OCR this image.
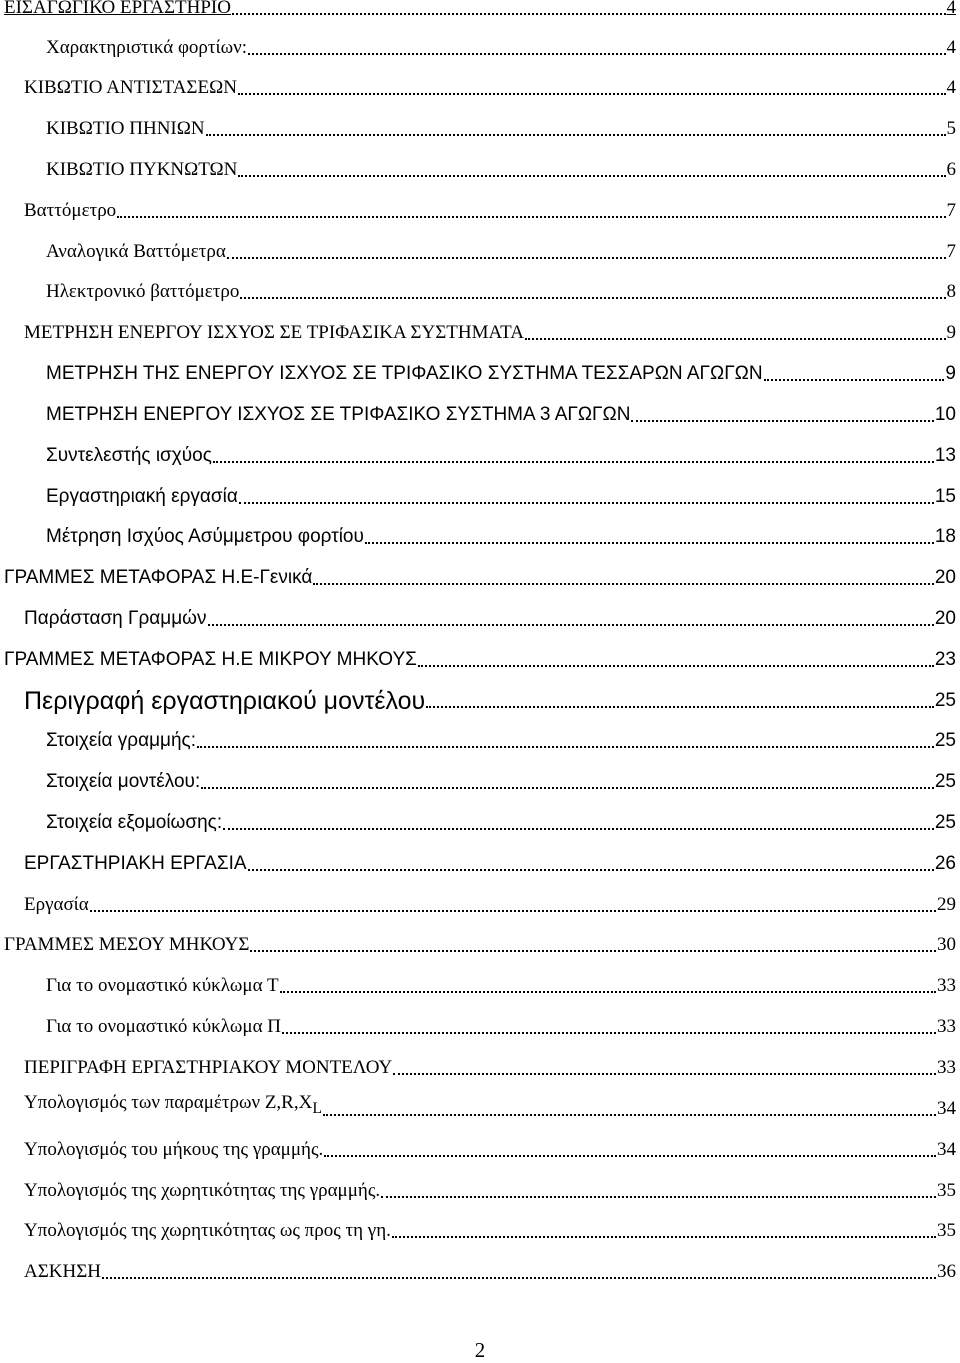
ΕΙΣΑΓΩΓΙΚΟ ΕΡΓΑΣΤΗΡΙΟ	4
Χαρακτηριστικά φορτίων:	4
ΚΙΒΩΤΙΟ ΑΝΤΙΣΤΑΣΕΩΝ	4
ΚΙΒΩΤΙΟ ΠΗΝΙΩΝ	5
ΚΙΒΩΤΙΟ ΠΥΚΝΩΤΩΝ	6
Βαττόμετρο	7
Αναλογικά Βαττόμετρα	7
Ηλεκτρονικό βαττόμετρο	8
ΜΕΤΡΗΣΗ ΕΝΕΡΓΟΥ ΙΣΧΥΟΣ ΣΕ ΤΡΙΦΑΣΙΚΑ ΣΥΣΤΗΜΑΤΑ	9
ΜΕΤΡΗΣΗ ΤΗΣ ΕΝΕΡΓΟΥ ΙΣΧΥΟΣ ΣΕ ΤΡΙΦΑΣΙΚΟ ΣΥΣΤΗΜΑ ΤΕΣΣΑΡΩΝ ΑΓΩΓΩΝ	9
ΜΕΤΡΗΣΗ ΕΝΕΡΓΟΥ ΙΣΧΥΟΣ ΣΕ ΤΡΙΦΑΣΙΚΟ ΣΥΣΤΗΜΑ 3 ΑΓΩΓΩΝ	10
Συντελεστής ισχύος	13
Εργαστηριακή εργασία	15
Μέτρηση Ισχύος Ασύμμετρου φορτίου	18
ΓΡΑΜΜΕΣ ΜΕΤΑΦΟΡΑΣ Η.Ε-Γενικά	20
Παράσταση Γραμμών	20
ΓΡΑΜΜΕΣ ΜΕΤΑΦΟΡΑΣ Η.Ε ΜΙΚΡΟΥ ΜΗΚΟΥΣ	23
Περιγραφή εργαστηριακού μοντέλου	25
Στοιχεία γραμμής:	25
Στοιχεία μοντέλου:	25
Στοιχεία εξομοίωσης:	25
ΕΡΓΑΣΤΗΡΙΑΚΗ ΕΡΓΑΣΙΑ	26
Εργασία	29
ΓΡΑΜΜΕΣ ΜΕΣΟΥ ΜΗΚΟΥΣ	30
Για το ονομαστικό κύκλωμα Τ	33
Για το ονομαστικό κύκλωμα Π	33
ΠΕΡΙΓΡΑΦΗ ΕΡΓΑΣΤΗΡΙΑΚΟΥ ΜΟΝΤΕΛΟΥ	33
Υπολογισμός των παραμέτρων $Z,R,X_L$	34
Υπολογισμός του μήκους της γραμμής.	34
Υπολογισμός της χωρητικότητας της γραμμής.	35
Υπολογισμός της χωρητικότητας ως προς τη γη.	35
ΑΣΚΗΣΗ	36
2
